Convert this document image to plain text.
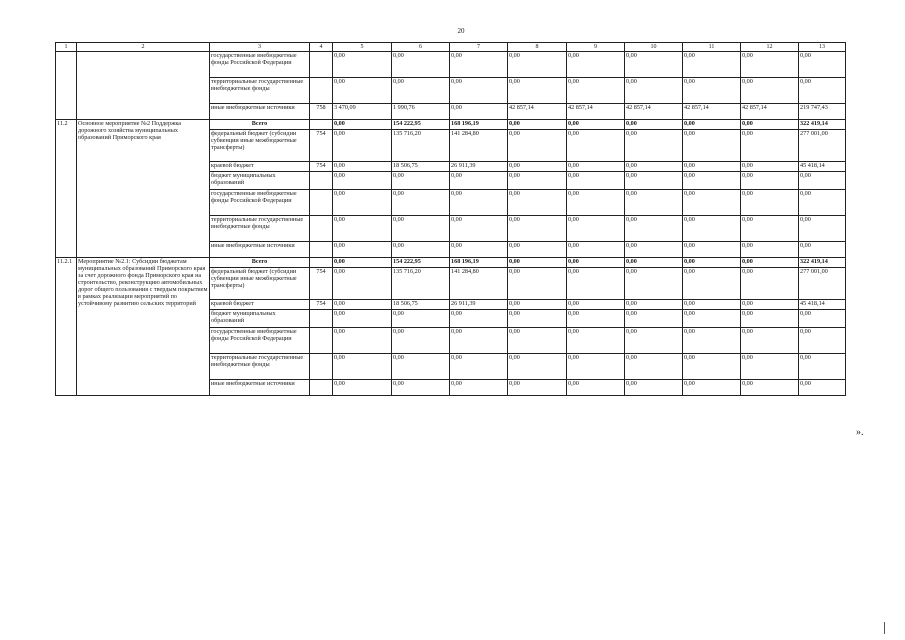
20
1	2	3	4	5	6	7	8	9	10	11	12	13
		государственные внебюджетные фонды Российской Федерации		0,00	0,00	0,00	0,00	0,00	0,00	0,00	0,00	0,00
		территориальные государственные внебюджетные фонды		0,00	0,00	0,00	0,00	0,00	0,00	0,00	0,00	0,00
		иные внебюджетные источники	758	3 470,09	1 990,76	0,00	42 857,14	42 857,14	42 857,14	42 857,14	42 857,14	219 747,43
11.2	Основное мероприятие №2 Поддержка дорожного хозяйства муниципальных образований Приморского края	Всего		0,00	154 222,95	168 196,19	0,00	0,00	0,00	0,00	0,00	322 419,14
		федеральный бюджет (субсидии субвенции иные межбюджетные трансферты)	754	0,00	135 716,20	141 284,80	0,00	0,00	0,00	0,00	0,00	277 001,00
		краевой бюджет	754	0,00	18 506,75	26 911,39	0,00	0,00	0,00	0,00	0,00	45 418,14
		бюджет муниципальных образований		0,00	0,00	0,00	0,00	0,00	0,00	0,00	0,00	0,00
		государственные внебюджетные фонды Российской Федерации		0,00	0,00	0,00	0,00	0,00	0,00	0,00	0,00	0,00
		территориальные государственные внебюджетные фонды		0,00	0,00	0,00	0,00	0,00	0,00	0,00	0,00	0,00
		иные внебюджетные источники		0,00	0,00	0,00	0,00	0,00	0,00	0,00	0,00	0,00
11.2.1	Мероприятие №2.1: Субсидии бюджетам муниципальных образований Приморского края за счет дорожного фонда Приморского края на строительство, реконструкцию автомобильных дорог общего пользования с твердым покрытием в рамках реализации мероприятий по устойчивому развитию сельских территорий	Всего		0,00	154 222,95	168 196,19	0,00	0,00	0,00	0,00	0,00	322 419,14
		федеральный бюджет (субсидии субвенции иные межбюджетные трансферты)	754	0,00	135 716,20	141 284,80	0,00	0,00	0,00	0,00	0,00	277 001,00
		краевой бюджет	754	0,00	18 506,75	26 911,39	0,00	0,00	0,00	0,00	0,00	45 418,14
		бюджет муниципальных образований		0,00	0,00	0,00	0,00	0,00	0,00	0,00	0,00	0,00
		государственные внебюджетные фонды Российской Федерации		0,00	0,00	0,00	0,00	0,00	0,00	0,00	0,00	0,00
		территориальные государственные внебюджетные фонды		0,00	0,00	0,00	0,00	0,00	0,00	0,00	0,00	0,00
		иные внебюджетные источники		0,00	0,00	0,00	0,00	0,00	0,00	0,00	0,00	0,00
».
